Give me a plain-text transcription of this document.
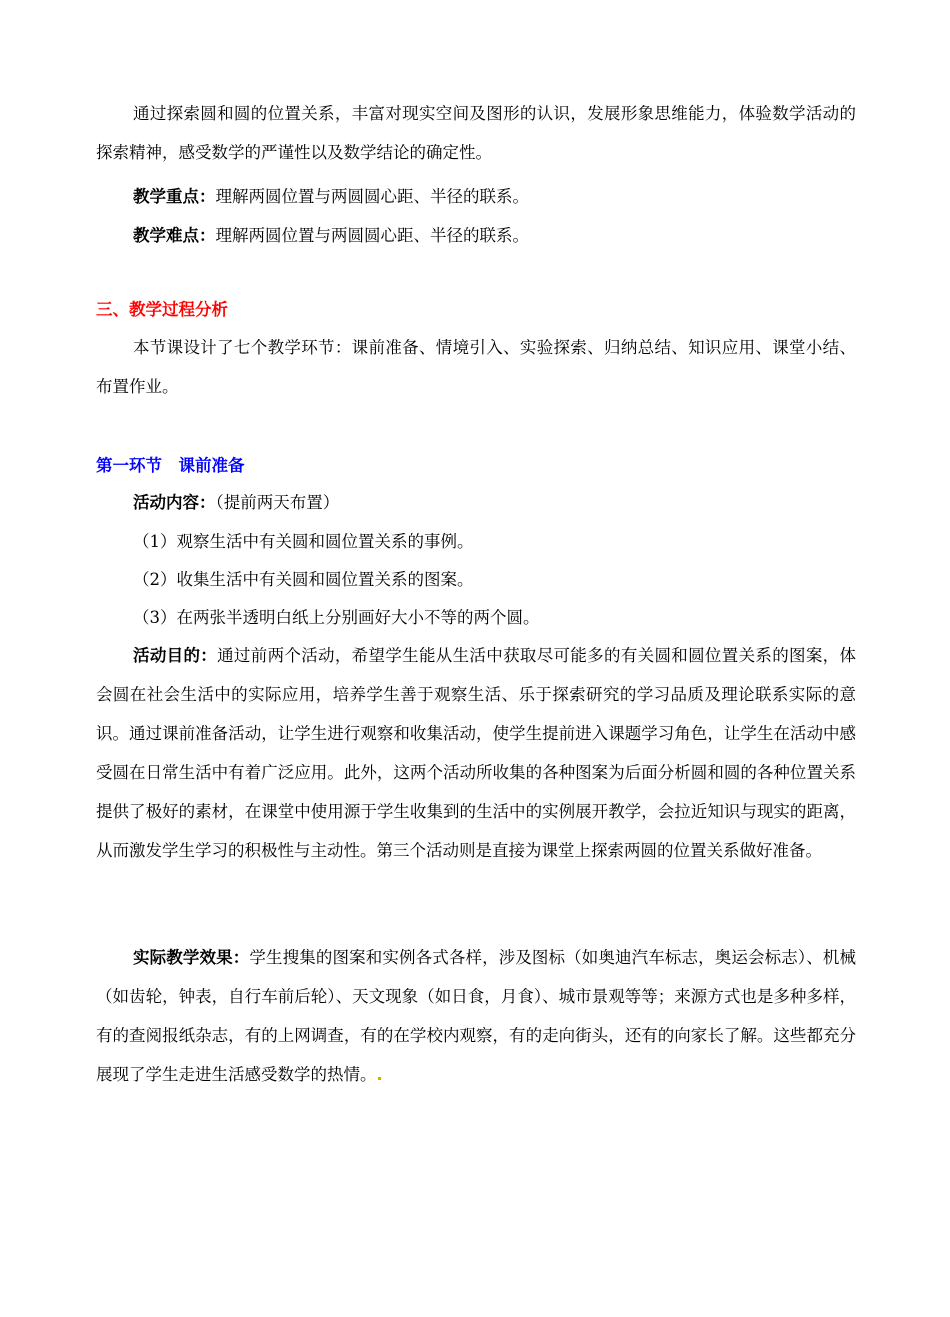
通过探索圆和圆的位置关系，丰富对现实空间及图形的认识，发展形象思维能力，体验数学活动的探索精神，感受数学的严谨性以及数学结论的确定性。

教学重点：理解两圆位置与两圆圆心距、半径的联系。
教学难点：理解两圆位置与两圆圆心距、半径的联系。
三、教学过程分析

本节课设计了七个教学环节：课前准备、情境引入、实验探索、归纳总结、知识应用、课堂小结、布置作业。

第一环节　课前准备
活动内容：（提前两天布置）
（1）观察生活中有关圆和圆位置关系的事例。
（2）收集生活中有关圆和圆位置关系的图案。
（3）在两张半透明白纸上分别画好大小不等的两个圆。

活动目的：通过前两个活动，希望学生能从生活中获取尽可能多的有关圆和圆位置关系的图案，体会圆在社会生活中的实际应用，培养学生善于观察生活、乐于探索研究的学习品质及理论联系实际的意识。通过课前准备活动，让学生进行观察和收集活动，使学生提前进入课题学习角色，让学生在活动中感受圆在日常生活中有着广泛应用。此外，这两个活动所收集的各种图案为后面分析圆和圆的各种位置关系提供了极好的素材，在课堂中使用源于学生收集到的生活中的实例展开教学，会拉近知识与现实的距离，从而激发学生学习的积极性与主动性。第三个活动则是直接为课堂上探索两圆的位置关系做好准备。

实际教学效果：学生搜集的图案和实例各式各样，涉及图标（如奥迪汽车标志，奥运会标志）、机械（如齿轮，钟表，自行车前后轮）、天文现象（如日食，月食）、城市景观等等；来源方式也是多种多样，有的查阅报纸杂志，有的上网调查，有的在学校内观察，有的走向街头，还有的向家长了解。这些都充分展现了学生走进生活感受数学的热情。
